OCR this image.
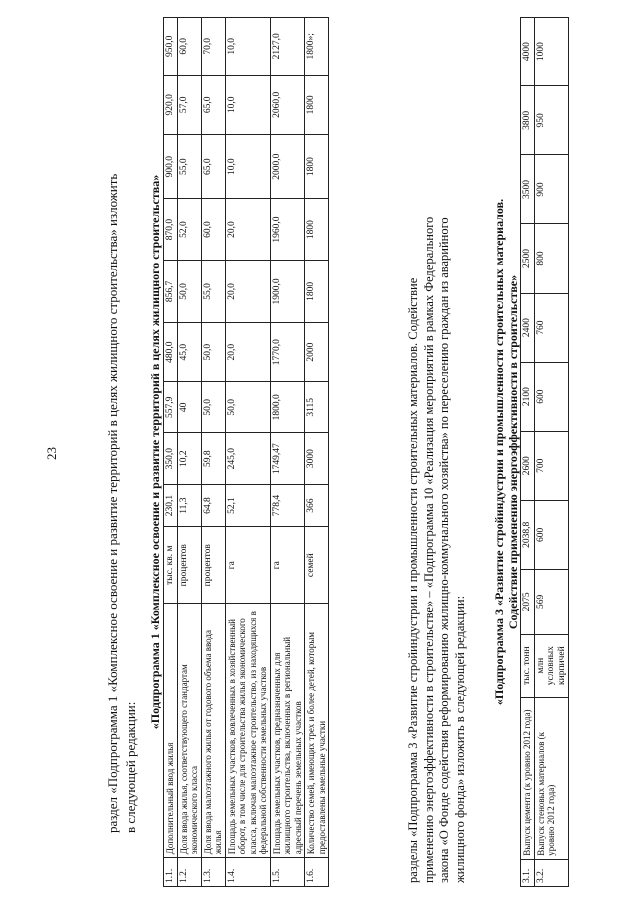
23	раздел «Подпрограмма 1 «Комплексное освоение и развитие территорий в целях жилищного строительства» изложить в следующей редакции:
«Подпрограмма 1 «Комплексное освоение и развитие территорий в целях жилищного строительства»											
1.1.	Дополнительный ввод жилья	тыс. кв. м	230,1	350,0	557,9	480,0	856,7	870,0	900,0	920,0	950,0
1.2.	Доля ввода жилья, соответствующего стандартам экономического класса	процентов	11,3	10,2	40	45,0	50,0	52,0	55,0	57,0	60,0
1.3.	Доля ввода малоэтажного жилья от годового объема ввода жилья	процентов	64,8	59,8	50,0	50,0	55,0	60,0	65,0	65,0	70,0
1.4.	Площадь земельных участков, вовлеченных в хозяйственный оборот, в том числе для строительства жилья экономического класса, включая малоэтажное строительство, из находящихся в федеральной собственности земельных участков	га	52,1	245,0	50,0	20,0	20,0	20,0	10,0	10,0	10,0
1.5.	Площадь земельных участков, предназначенных для жилищного строительства, включенных в региональный адресный перечень земельных участков	га	778,4	1749,47	1800,0	1770,0	1900,0	1960,0	2000,0	2060,0	2127,0
1.6.	Количество семей, имеющих трех и более детей, которым предоставлены земельные участки	семей	366	3000	3115	2000	1800	1800	1800	1800	1800»;
разделы «Подпрограмма 3 «Развитие стройиндустрии и промышленности строительных материалов. Содействие применению энергоэффективности в строительстве» – «Подпрограмма 10 «Реализация мероприятий в рамках Федерального закона «О Фонде содействия реформированию жилищно-коммунального хозяйства» по переселению граждан из аварийного жилищного фонда» изложить в следующей редакции:
«Подпрограмма 3 «Развитие стройиндустрии и промышленности строительных материалов. Содействие применению энергоэффективности в строительстве»											

3.1.	Выпуск цемента (к уровню 2012 года)	тыс. тонн	2075	2038,8	2600	2100	2400	2500	3500	3800	4000
3.2.	Выпуск стеновых материалов (к уровню 2012 года)	млн условных кирпичей	569	600	700	600	760	800	900	950	1000
